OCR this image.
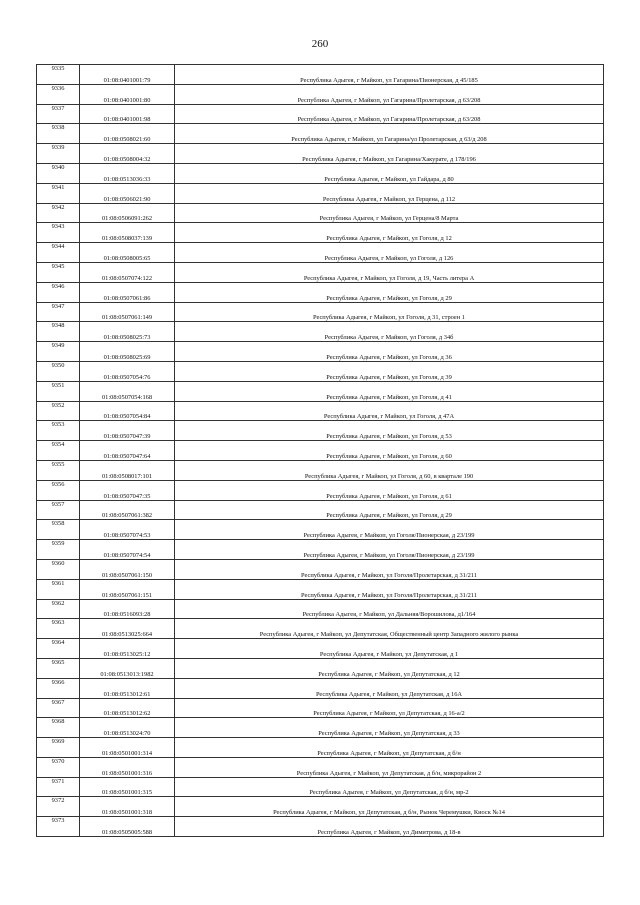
260
9335	01:08:0401001:79	Республика Адыгея, г Майкоп, ул Гагарина/Пионерская, д 45/185
9336	01:08:0401001:80	Республика Адыгея, г Майкоп, ул Гагарина/Пролетарская, д 63/208
9337	01:08:0401001:98	Республика Адыгея, г Майкоп, ул Гагарина/Пролетарская, д 63/208
9338	01:08:0508021:60	Республика Адыгея, г Майкоп, ул Гагарина/ул Пролетарская, д 63/д 208
9339	01:08:0508004:32	Республика Адыгея, г Майкоп, ул Гагарина/Хакурате, д 178/196
9340	01:08:0513036:33	Республика Адыгея, г Майкоп, ул Гайдара, д 80
9341	01:08:0506021:90	Республика Адыгея, г Майкоп, ул Герцена, д 112
9342	01:08:0506091:262	Республика Адыгея, г Майкоп, ул Герцена/8 Марта
9343	01:08:0508037:139	Республика Адыгея, г Майкоп, ул Гоголя, д 12
9344	01:08:0508005:65	Республика Адыгея, г Майкоп, ул Гоголя, д 126
9345	01:08:0507074:122	Республика Адыгея, г Майкоп, ул Гоголя, д 19, Часть литера А
9346	01:08:0507061:86	Республика Адыгея, г Майкоп, ул Гоголя, д 29
9347	01:08:0507061:149	Республика Адыгея, г Майкоп, ул Гоголя, д 31, строен 1
9348	01:08:0508025:73	Республика Адыгея, г Майкоп, ул Гоголя, д 34б
9349	01:08:0508025:69	Республика Адыгея, г Майкоп, ул Гоголя, д 36
9350	01:08:0507054:76	Республика Адыгея, г Майкоп, ул Гоголя, д 39
9351	01:08:0507054:168	Республика Адыгея, г Майкоп, ул Гоголя, д 41
9352	01:08:0507054:84	Республика Адыгея, г Майкоп, ул Гоголя, д 47А
9353	01:08:0507047:39	Республика Адыгея, г Майкоп, ул Гоголя, д 53
9354	01:08:0507047:64	Республика Адыгея, г Майкоп, ул Гоголя, д 60
9355	01:08:0508017:101	Республика Адыгея, г Майкоп, ул Гоголя, д 60, в квартале 190
9356	01:08:0507047:35	Республика Адыгея, г Майкоп, ул Гоголя, д 61
9357	01:08:0507061:382	Республика Адыгея, г Майкоп, ул Гоголя, д 29
9358	01:08:0507074:53	Республика Адыгея, г Майкоп, ул Гоголя/Пионерская, д 23/199
9359	01:08:0507074:54	Республика Адыгея, г Майкоп, ул Гоголя/Пионерская, д 23/199
9360	01:08:0507061:150	Республика Адыгея, г Майкоп, ул Гоголя/Пролетарская, д 31/211
9361	01:08:0507061:151	Республика Адыгея, г Майкоп, ул Гоголя/Пролетарская, д 31/211
9362	01:08:0516093:28	Республика Адыгея, г Майкоп, ул Дальняя/Ворошилова, д1/164
9363	01:08:0513025:664	Республика Адыгея, г Майкоп, ул Депутатская, Общественный центр Западного жилого рынка
9364	01:08:0513025:12	Республика Адыгея, г Майкоп, ул Депутатская, д 1
9365	01:08:0513013:1982	Республика Адыгея, г Майкоп, ул Депутатская, д 12
9366	01:08:0513012:61	Республика Адыгея, г Майкоп, ул Депутатская, д 16А
9367	01:08:0513012:62	Республика Адыгея, г Майкоп, ул Депутатская, д 16-а/2
9368	01:08:0513024:70	Республика Адыгея, г Майкоп, ул Депутатская, д 33
9369	01:08:0501001:314	Республика Адыгея, г Майкоп, ул Депутатская, д б/н
9370	01:08:0501001:316	Республика Адыгея, г Майкоп, ул Депутатская, д б/н, микрорайон 2
9371	01:08:0501001:315	Республика Адыгея, г Майкоп, ул Депутатская, д б/н, мр-2
9372	01:08:0501001:318	Республика Адыгея, г Майкоп, ул Депутатская, д б/н, Рынок Черемушки, Киоск №14
9373	01:08:0505005:588	Республика Адыгея, г Майкоп, ул Димитрова, д 18-в
